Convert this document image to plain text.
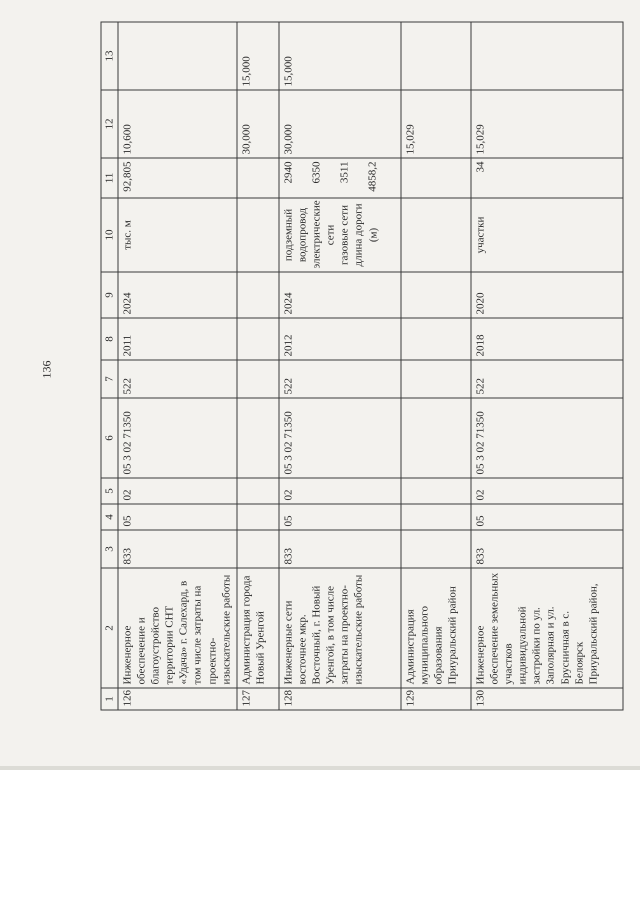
136
1	2	3	4	5	6	7	8	9	10	11	12	13
126	Инженерное обеспечение и благоустройство территории СНТ «Удача» г. Салехард, в том числе затраты на проектно-изыскательские работы	833	05	02	05 3 02 71350	522	2011	2024	тыс. м	92,805	10,600	
127	Администрация города Новый Уренгой										30,000	15,000
128	Инженерные сети восточнее мкр. Восточный, г. Новый Уренгой, в том числе затраты на проектно-изыскательские работы	833	05	02	05 3 02 71350	522	2012	2024	подземный водопровод электрические сети газовые сети длина дороги (м)	2940 6350 3511 4858,2	30,000	15,000
129	Администрация муниципального образования Приуральский район										15,029	
130	Инженерное обеспечение земельных участков индивидуальной застройки по ул. Заполярная и ул. Брусничная в с. Белоярск Приуральский район,	833	05	02	05 3 02 71350	522	2018	2020	участки	34	15,029	
